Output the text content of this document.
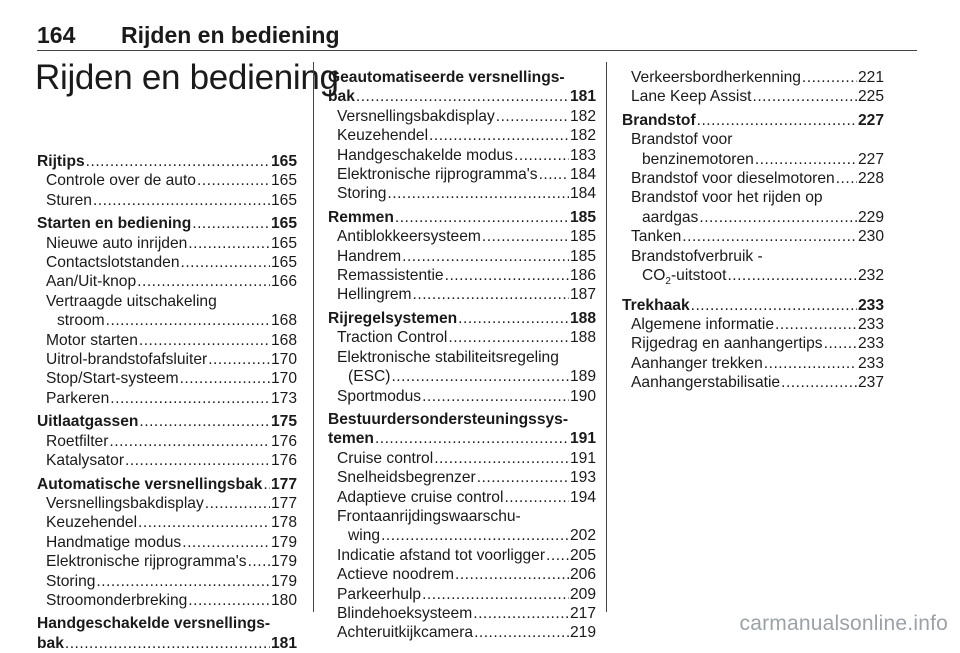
164 Rijden en bediening
Rijden en bediening
Rijtips .....	165
Controle over de auto .....	165
Sturen .....	165
Starten en bediening .....	165
Nieuwe auto inrijden .....	165
Contactslotstanden .....	165
Aan/Uit-knop .....	166
Vertraagde uitschakeling
stroom .....	168
Motor starten .....	168
Uitrol-brandstofafsluiter .....	170
Stop/Start-systeem .....	170
Parkeren .....	173
Uitlaatgassen .....	175
Roetfilter .....	176
Katalysator .....	176
Automatische versnellingsbak ..... 177
Versnellingsbakdisplay .....	177
Keuzehendel .....	178
Handmatige modus .....	179
Elektronische rijprogramma's ..... 179
Storing .....	179
Stroomonderbreking .....	180
Handgeschakelde versnellings-
bak .....	181
Geautomatiseerde versnellings-
bak .....	181
Versnellingsbakdisplay .....	182
Keuzehendel .....	182
Handgeschakelde modus .....	183
Elektronische rijprogramma's ..... 184
Storing .....	184
Remmen .....	185
Antiblokkeersysteem .....	185
Handrem .....	185
Remassistentie .....	186
Hellingrem .....	187
Rijregelsystemen .....	188
Traction Control .....	188
Elektronische stabiliteitsregeling
(ESC) .....	189
Sportmodus .....	190
Bestuurdersondersteuningssys-
temen .....	191
Cruise control .....	191
Snelheidsbegrenzer .....	193
Adaptieve cruise control .....	194
Frontaanrijdingswaarschu-
wing .....	202
Indicatie afstand tot voorligger ..... 205
Actieve noodrem .....	206
Parkeerhulp .....	209
Blindehoeksysteem .....	217
Achteruitkijkcamera .....	219
Verkeersbordherkenning .....	221
Lane Keep Assist .....	225
Brandstof .....	227
Brandstof voor
benzinemotoren .....	227
Brandstof voor dieselmotoren ..... 228
Brandstof voor het rijden op
aardgas .....	229
Tanken .....	230
Brandstofverbruik -
$CO_2$-uitstoot .....	232
Trekhaak .....	233
Algemene informatie .....	233
Rijgedrag en aanhangertips ..... 233
Aanhanger trekken .....	233
Aanhangerstabilisatie .....	237
carmanualsonline.info
